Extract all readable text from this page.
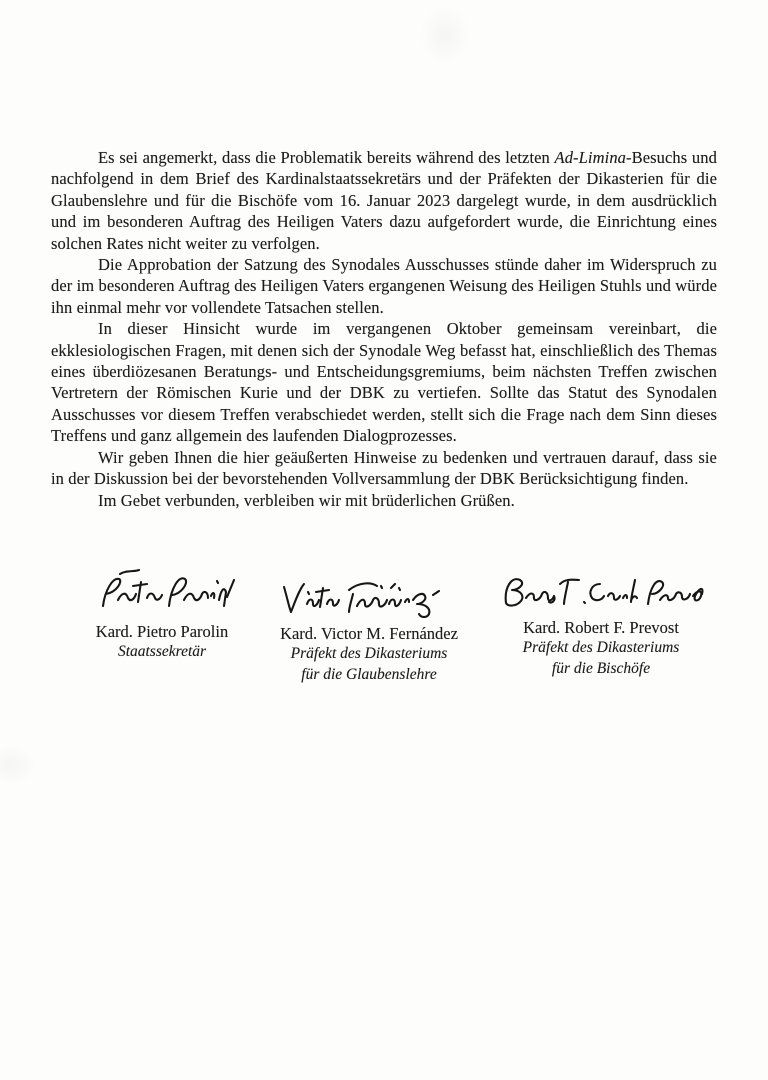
Es sei angemerkt, dass die Problematik bereits während des letzten Ad-Limina-Besuchs und nachfolgend in dem Brief des Kardinalstaatssekretärs und der Präfekten der Dikasterien für die Glaubenslehre und für die Bischöfe vom 16. Januar 2023 dargelegt wurde, in dem ausdrücklich und im besonderen Auftrag des Heiligen Vaters dazu aufgefordert wurde, die Einrichtung eines solchen Rates nicht weiter zu verfolgen.

Die Approbation der Satzung des Synodales Ausschusses stünde daher im Widerspruch zu der im besonderen Auftrag des Heiligen Vaters ergangenen Weisung des Heiligen Stuhls und würde ihn einmal mehr vor vollendete Tatsachen stellen.

In dieser Hinsicht wurde im vergangenen Oktober gemeinsam vereinbart, die ekklesiologischen Fragen, mit denen sich der Synodale Weg befasst hat, einschließlich des Themas eines überdiözesanen Beratungs- und Entscheidungsgremiums, beim nächsten Treffen zwischen Vertretern der Römischen Kurie und der DBK zu vertiefen. Sollte das Statut des Synodalen Ausschusses vor diesem Treffen verabschiedet werden, stellt sich die Frage nach dem Sinn dieses Treffens und ganz allgemein des laufenden Dialogprozesses.

Wir geben Ihnen die hier geäußerten Hinweise zu bedenken und vertrauen darauf, dass sie in der Diskussion bei der bevorstehenden Vollversammlung der DBK Berücksichtigung finden.

Im Gebet verbunden, verbleiben wir mit brüderlichen Grüßen.

Kard. Pietro Parolin
Staatssekretär
Kard. Victor M. Fernández
Präfekt des Dikasteriums
für die Glaubenslehre
Kard. Robert F. Prevost
Präfekt des Dikasteriums
für die Bischöfe
